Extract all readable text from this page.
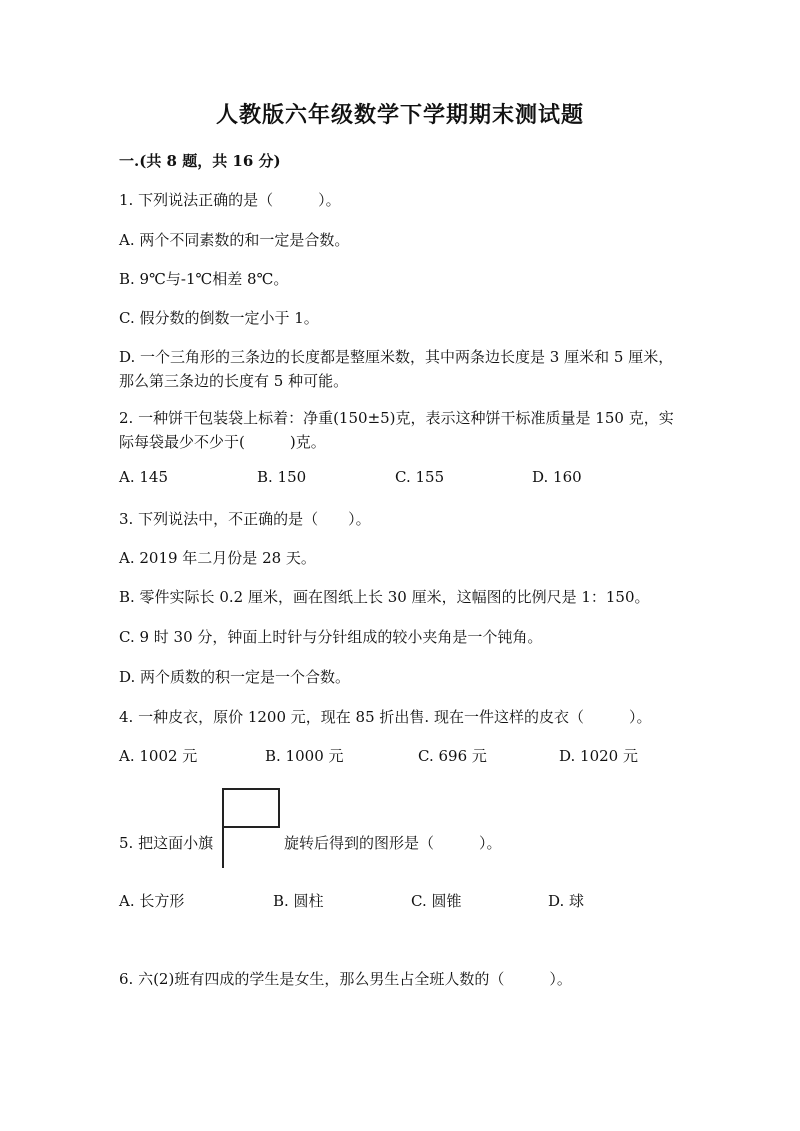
人教版六年级数学下学期期末测试题
一.(共 8 题，共 16 分)
1. 下列说法正确的是（　　　）。
A. 两个不同素数的和一定是合数。
B. 9℃与-1℃相差 8℃。
C. 假分数的倒数一定小于 1。
D. 一个三角形的三条边的长度都是整厘米数，其中两条边长度是 3 厘米和 5 厘米，那么第三条边的长度有 5 种可能。
2. 一种饼干包装袋上标着：净重(150±5)克，表示这种饼干标准质量是 150 克，实际每袋最少不少于(　　　)克。
A. 145	B. 150	C. 155	D. 160
3. 下列说法中，不正确的是（　　）。
A. 2019 年二月份是 28 天。
B. 零件实际长 0.2 厘米，画在图纸上长 30 厘米，这幅图的比例尺是 1：150。
C. 9 时 30 分，钟面上时针与分针组成的较小夹角是一个钝角。
D. 两个质数的积一定是一个合数。
4. 一种皮衣，原价 1200 元，现在 85 折出售. 现在一件这样的皮衣（　　　）。
A. 1002 元	B. 1000 元	C. 696 元	D. 1020 元
5. 把这面小旗	旋转后得到的图形是（　　　）。
A. 长方形	B. 圆柱	C. 圆锥	D. 球
6. 六(2)班有四成的学生是女生，那么男生占全班人数的（　　　）。
